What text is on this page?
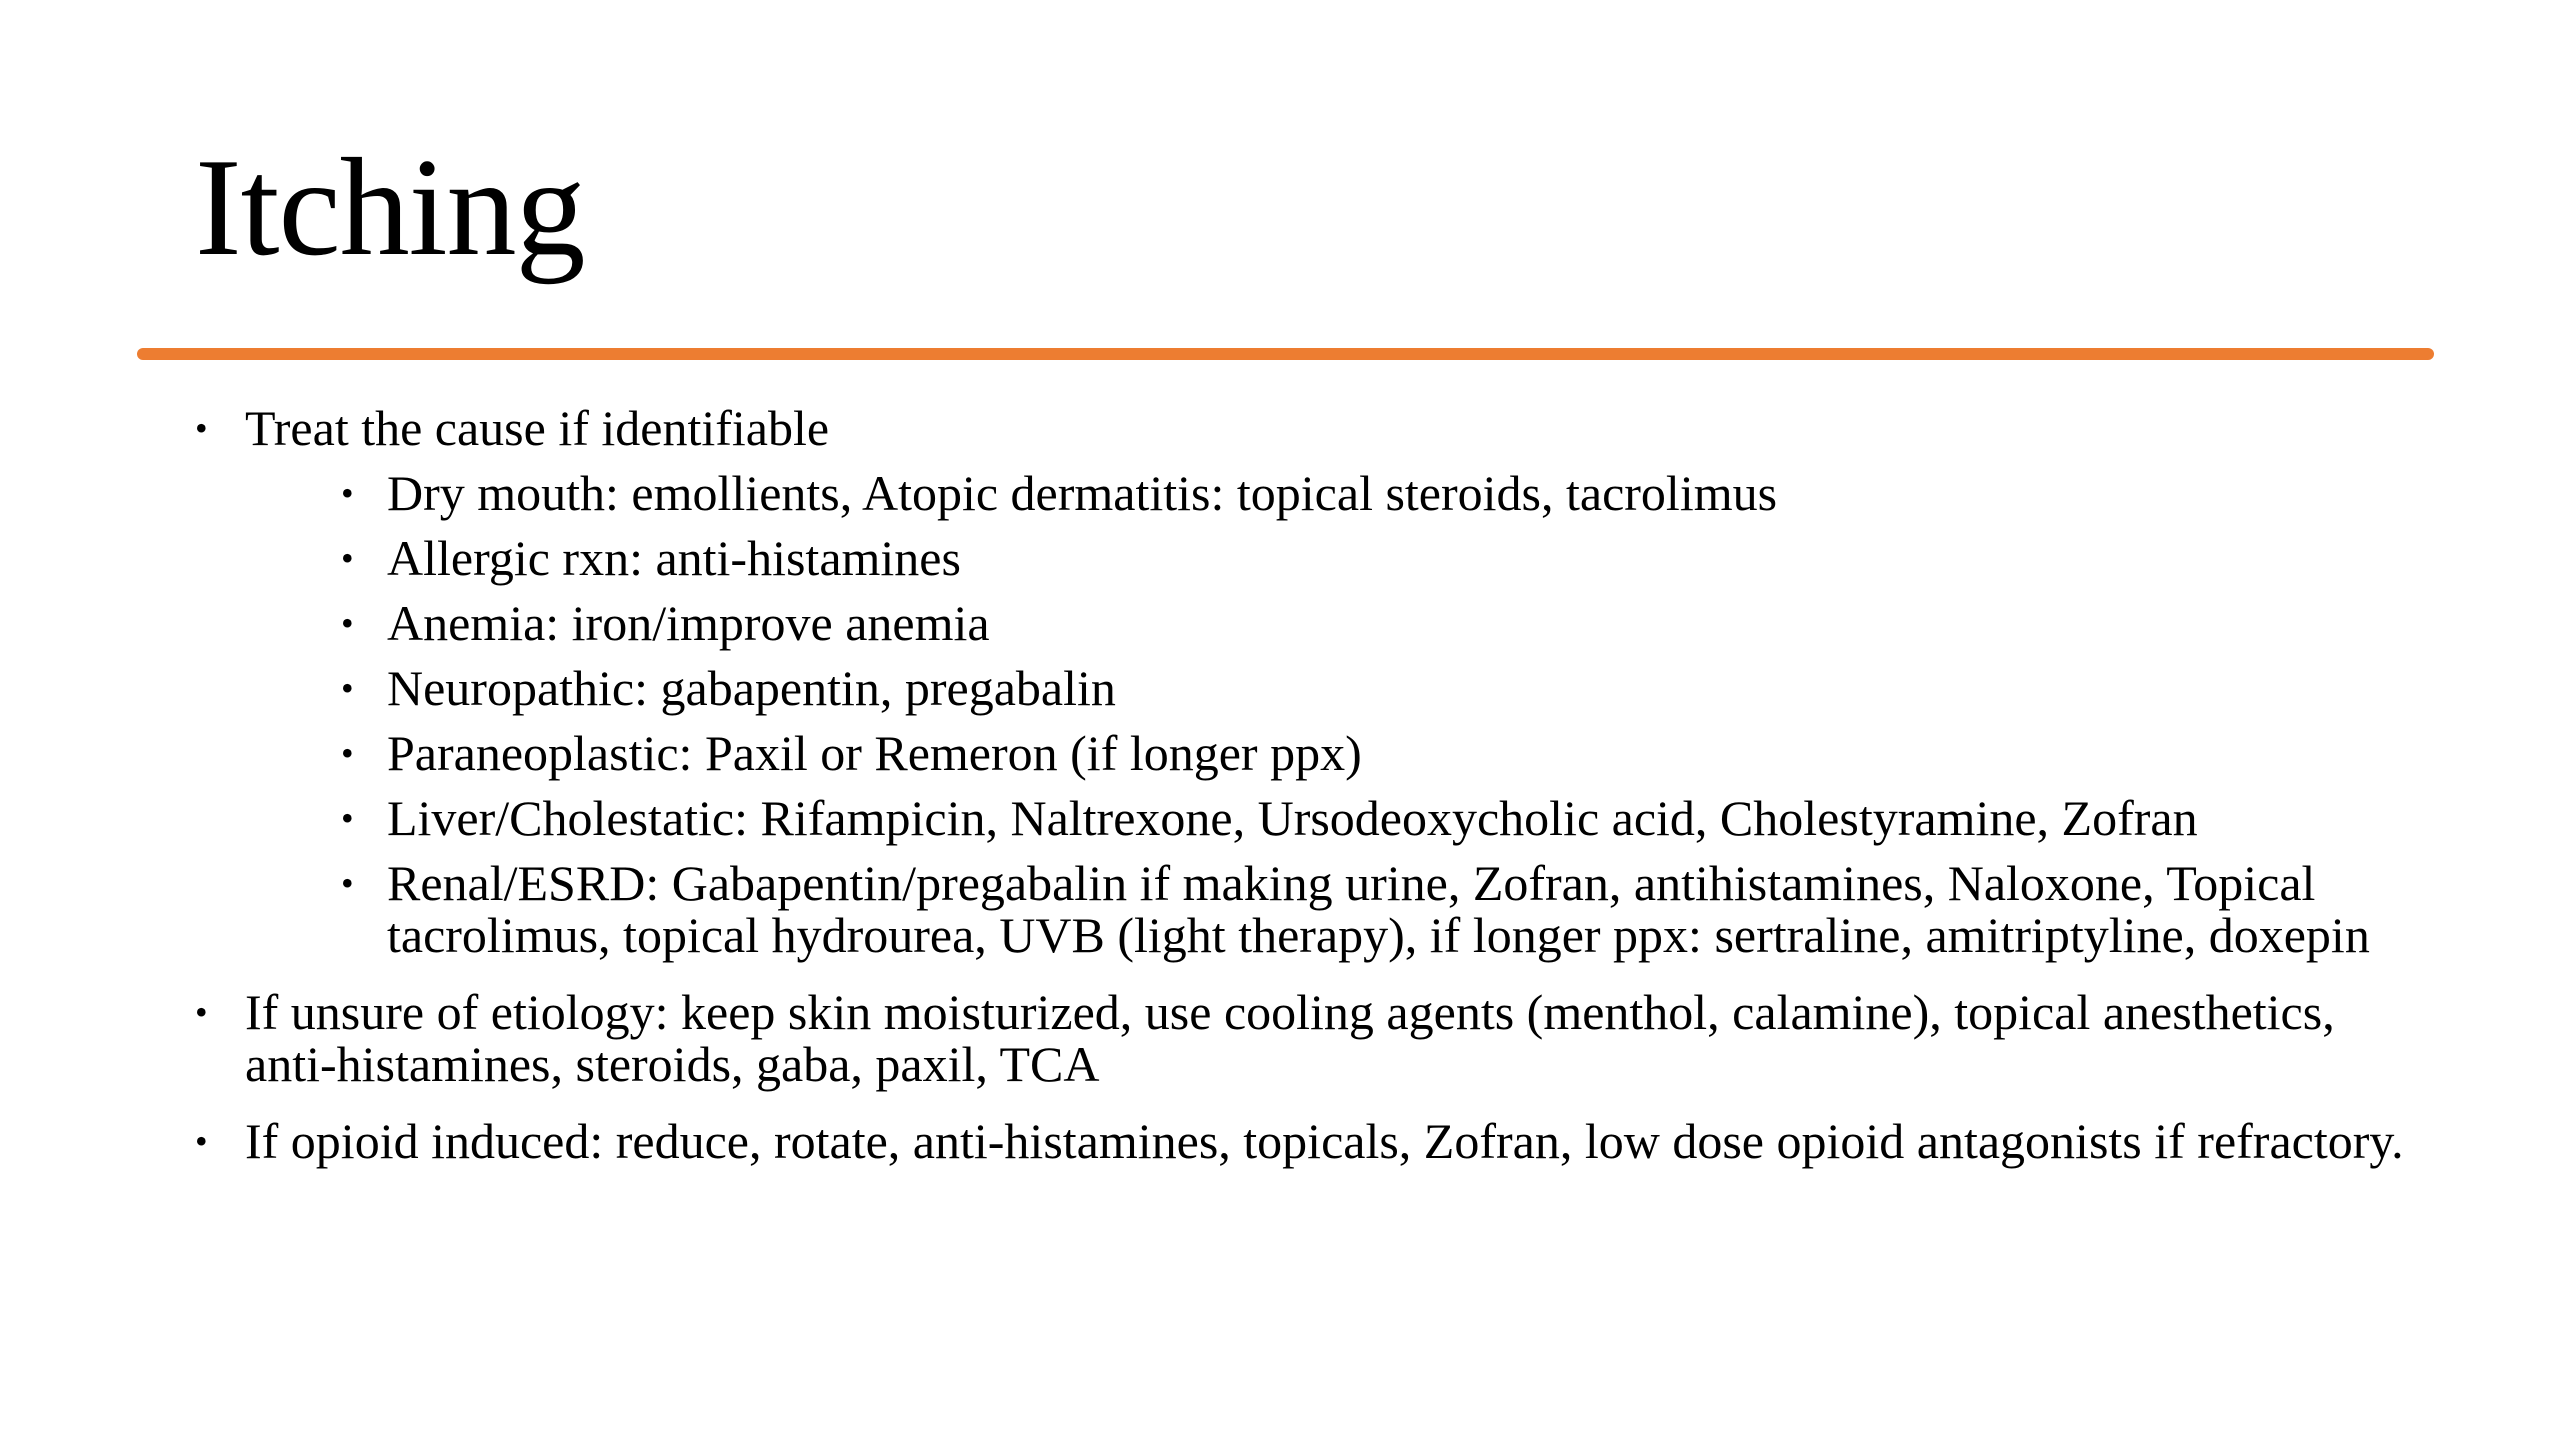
Itching
• Treat the cause if identifiable
• Dry mouth: emollients, Atopic dermatitis: topical steroids, tacrolimus
• Allergic rxn: anti-histamines
• Anemia: iron/improve anemia
• Neuropathic: gabapentin, pregabalin
• Paraneoplastic: Paxil or Remeron (if longer ppx)
• Liver/Cholestatic: Rifampicin, Naltrexone, Ursodeoxycholic acid, Cholestyramine, Zofran
• Renal/ESRD: Gabapentin/pregabalin if making urine, Zofran, antihistamines, Naloxone, Topical tacrolimus, topical hydrourea, UVB (light therapy), if longer ppx: sertraline, amitriptyline, doxepin
• If unsure of etiology: keep skin moisturized, use cooling agents (menthol, calamine), topical anesthetics, anti-histamines, steroids, gaba, paxil, TCA
• If opioid induced: reduce, rotate, anti-histamines, topicals, Zofran, low dose opioid antagonists if refractory.
